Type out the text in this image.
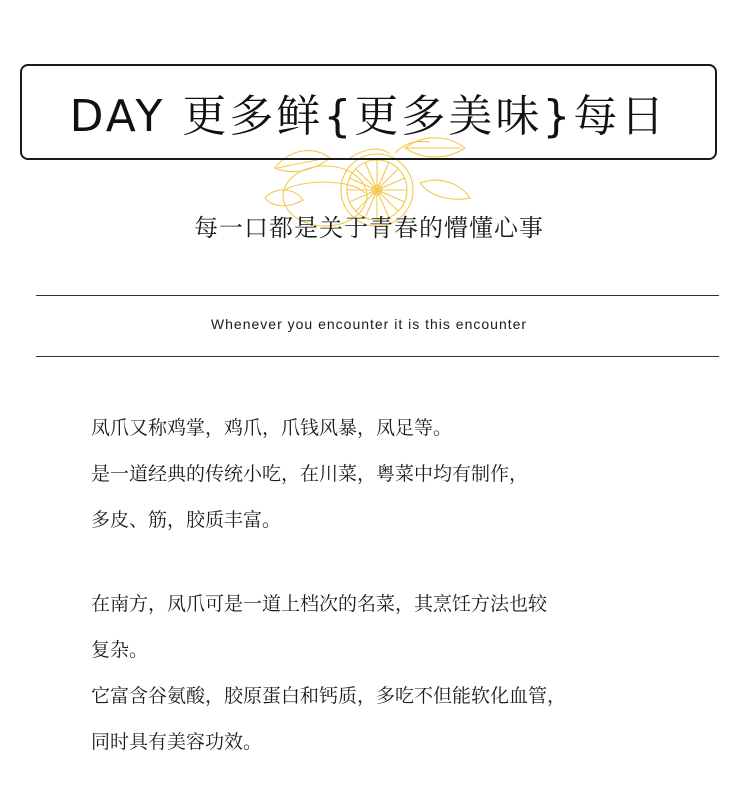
DAY 更多鲜{更多美味}每日
每一口都是关于青春的懵懂心事
Whenever you encounter it is this encounter

凤爪又称鸡掌，鸡爪，爪钱风暴，凤足等。

是一道经典的传统小吃，在川菜，粤菜中均有制作，

多皮、筋，胶质丰富。

在南方，凤爪可是一道上档次的名菜，其烹饪方法也较

复杂。

它富含谷氨酸，胶原蛋白和钙质，多吃不但能软化血管，

同时具有美容功效。
